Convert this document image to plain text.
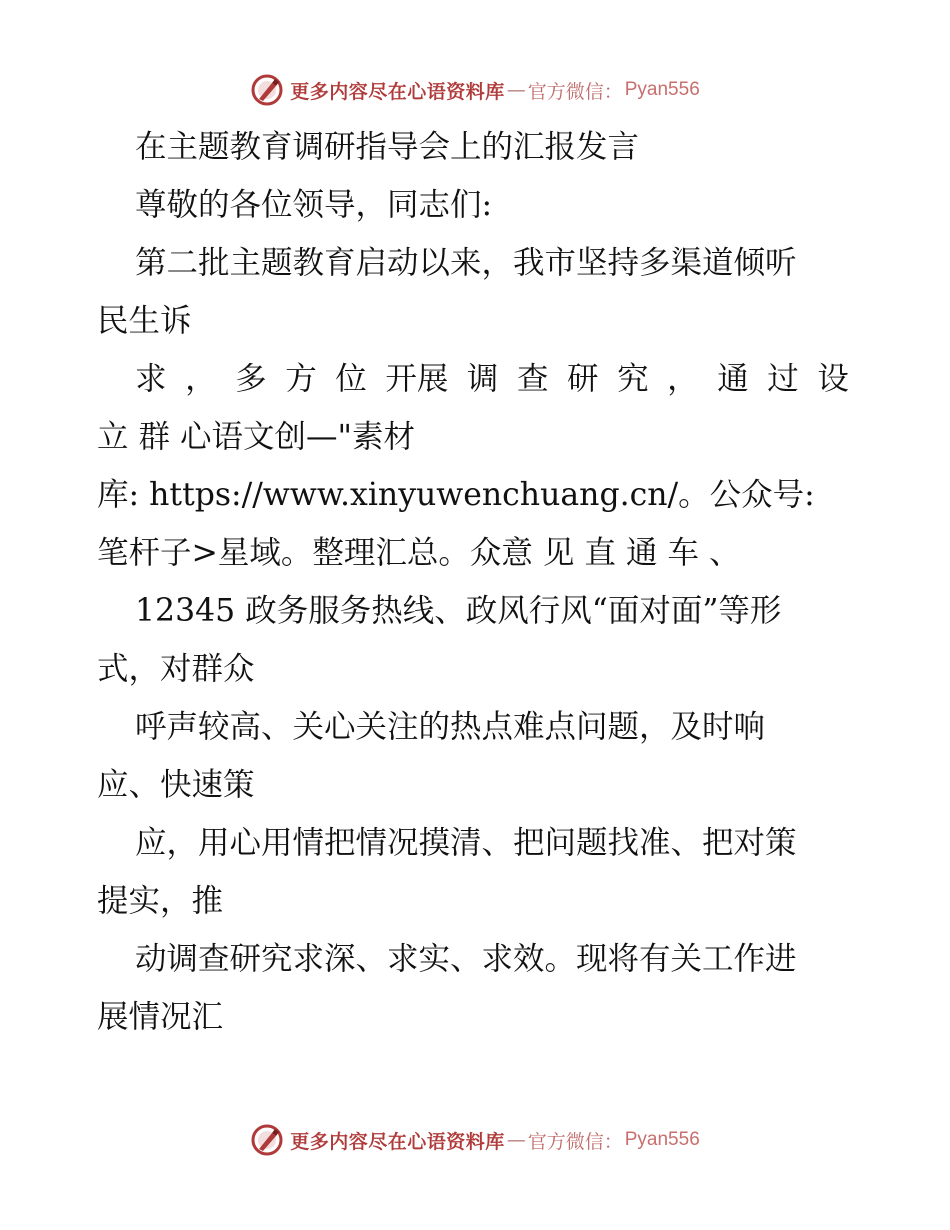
更多内容尽在心语资料库 — 官方微信： Pyan556
在主题教育调研指导会上的汇报发言
尊敬的各位领导，同志们:
第二批主题教育启动以来，我市坚持多渠道倾听
民生诉
求 ， 多 方 位 开展 调 查 研 究 ， 通 过 设
立 群 心语文创—"素材
库: https://www.xinyuwenchuang.cn/。公众号:
笔杆子>星域。整理汇总。众意 见 直 通 车 、
12345 政务服务热线、政风行风“面对面”等形
式，对群众
呼声较高、关心关注的热点难点问题，及时响
应、快速策
应，用心用情把情况摸清、把问题找准、把对策
提实，推
动调查研究求深、求实、求效。现将有关工作进
展情况汇
更多内容尽在心语资料库 — 官方微信： Pyan556
